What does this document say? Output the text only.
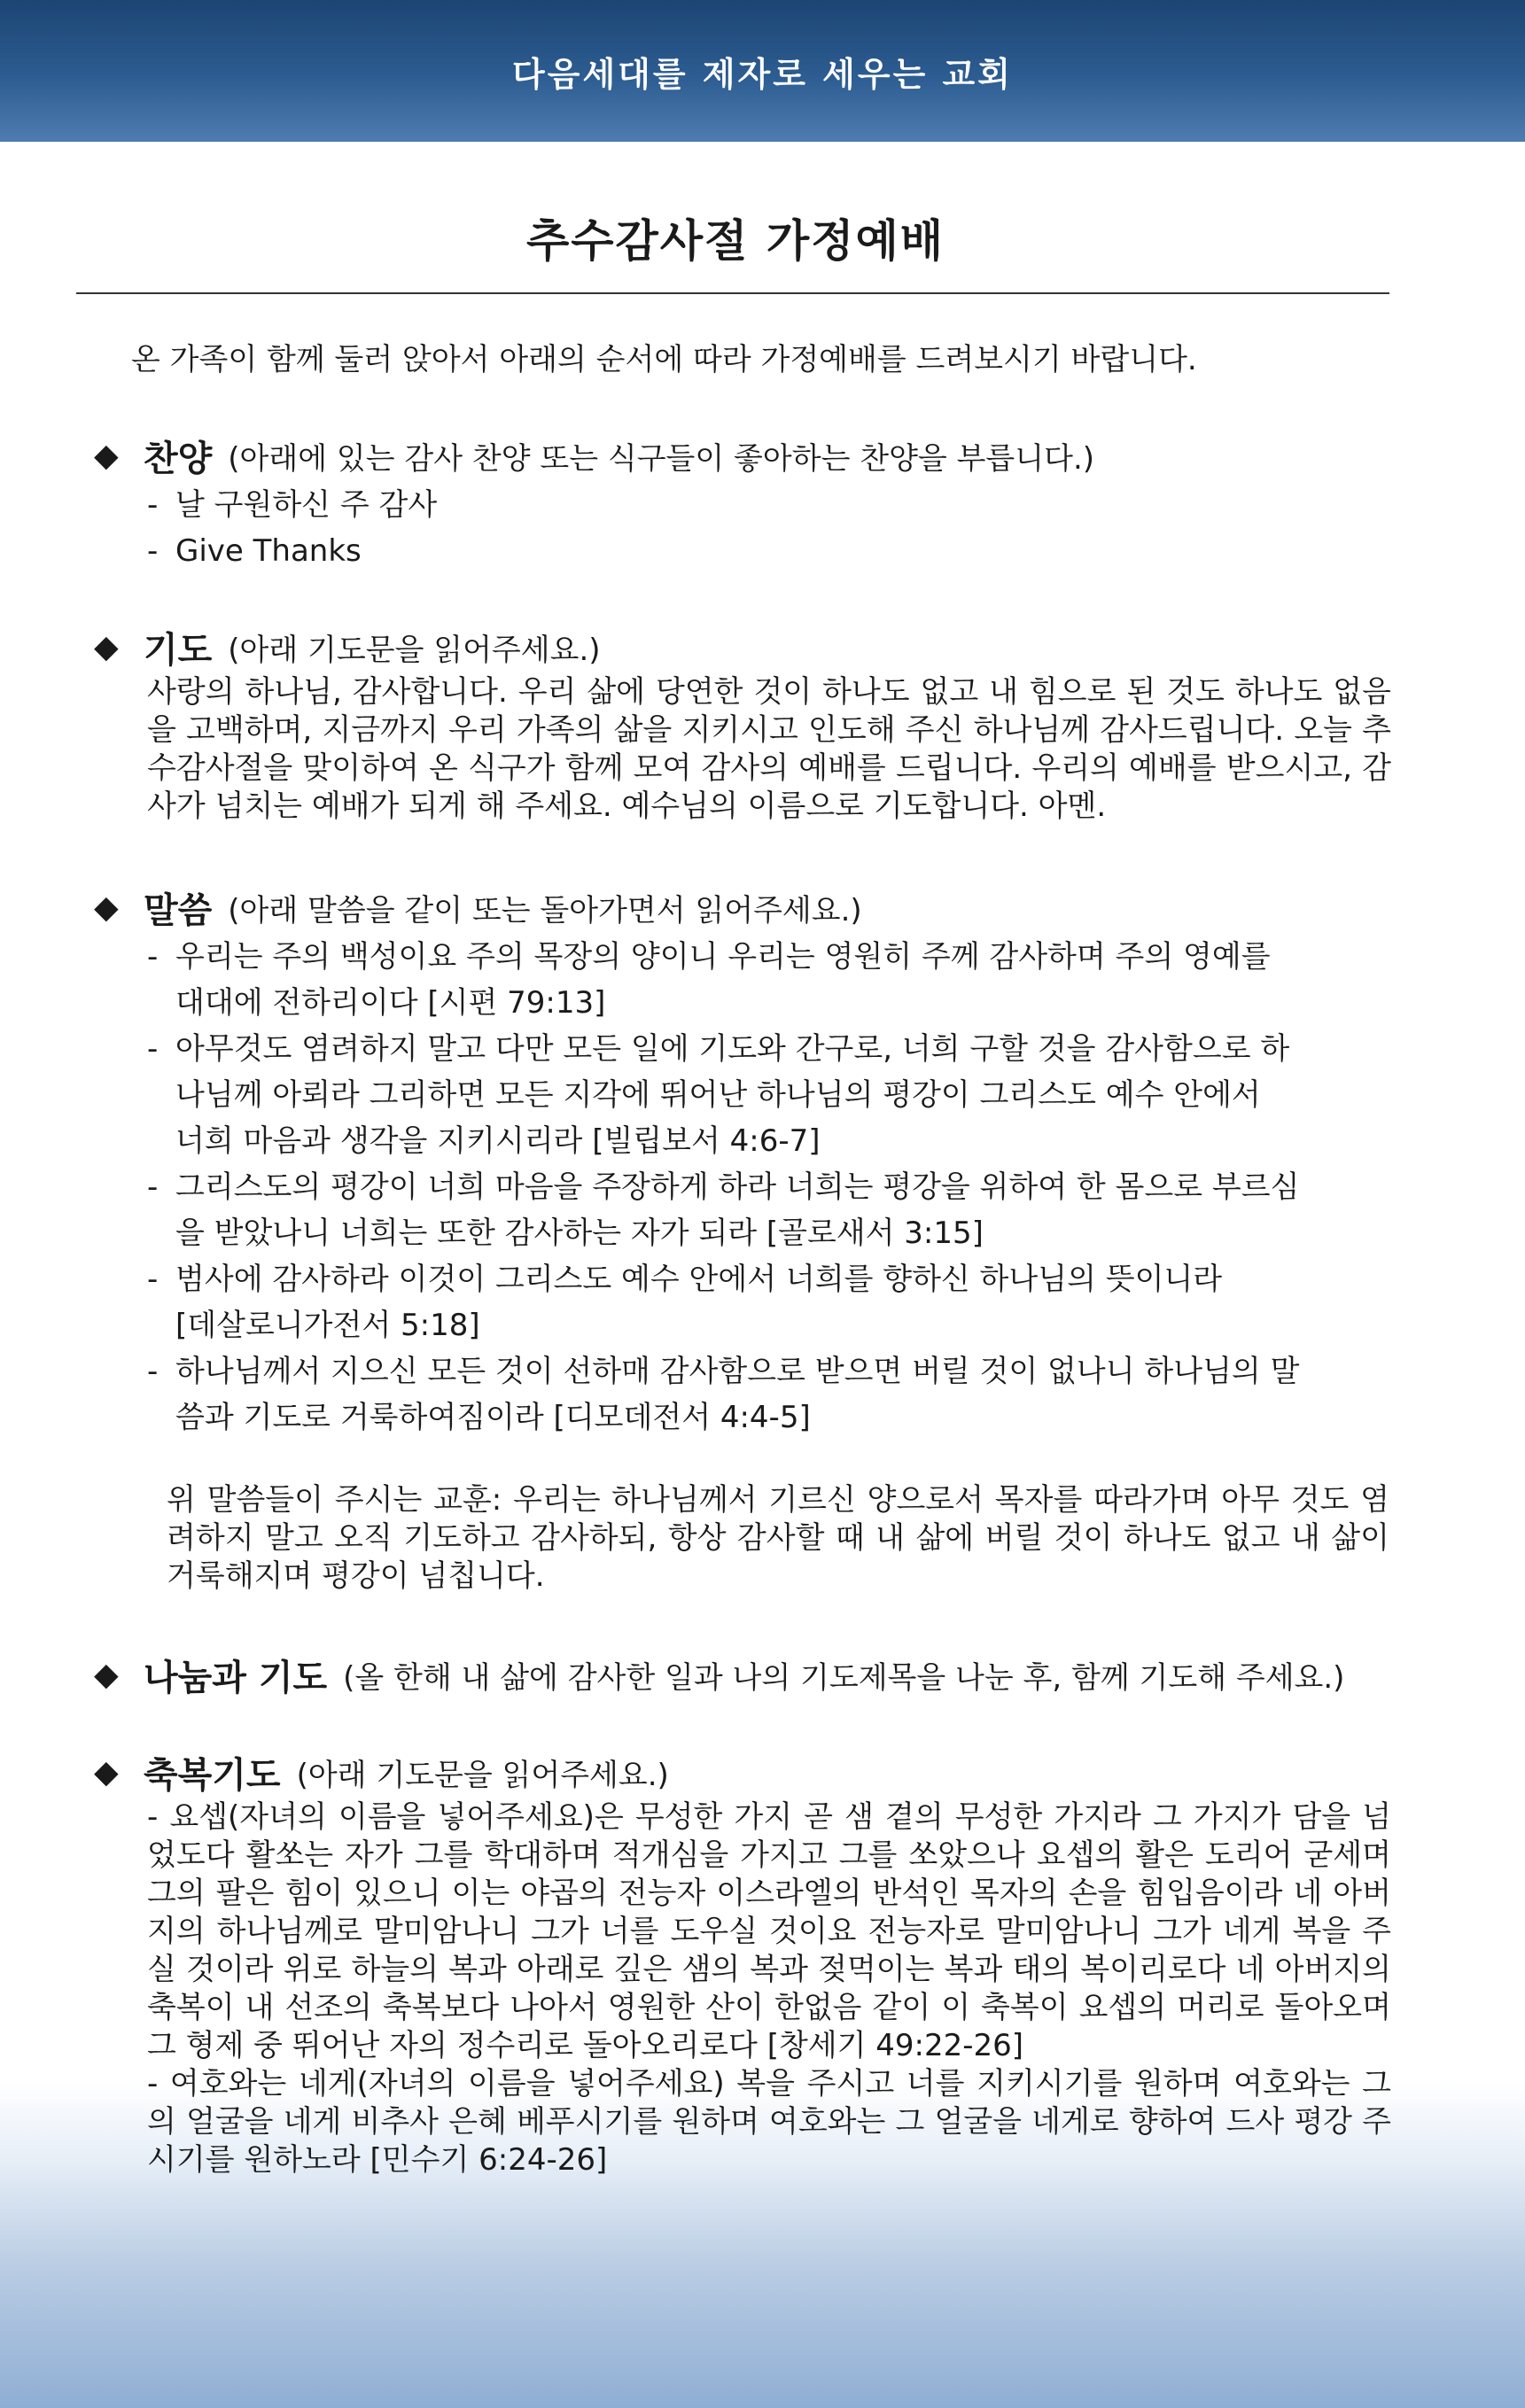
다음세대를 제자로 세우는 교회
추수감사절 가정예배
온 가족이 함께 둘러 앉아서 아래의 순서에 따라 가정예배를 드려보시기 바랍니다.
◆ 찬양 (아래에 있는 감사 찬양 또는 식구들이 좋아하는 찬양을 부릅니다.)
- 날 구원하신 주 감사
- Give Thanks
◆ 기도 (아래 기도문을 읽어주세요.)
사랑의 하나님, 감사합니다. 우리 삶에 당연한 것이 하나도 없고 내 힘으로 된 것도 하나도 없음을 고백하며, 지금까지 우리 가족의 삶을 지키시고 인도해 주신 하나님께 감사드립니다. 오늘 추수감사절을 맞이하여 온 식구가 함께 모여 감사의 예배를 드립니다. 우리의 예배를 받으시고, 감사가 넘치는 예배가 되게 해 주세요. 예수님의 이름으로 기도합니다. 아멘.
◆ 말씀 (아래 말씀을 같이 또는 돌아가면서 읽어주세요.)
- 우리는 주의 백성이요 주의 목장의 양이니 우리는 영원히 주께 감사하며 주의 영예를
대대에 전하리이다 [시편 79:13]
- 아무것도 염려하지 말고 다만 모든 일에 기도와 간구로, 너희 구할 것을 감사함으로 하
나님께 아뢰라 그리하면 모든 지각에 뛰어난 하나님의 평강이 그리스도 예수 안에서
너희 마음과 생각을 지키시리라 [빌립보서 4:6-7]
- 그리스도의 평강이 너희 마음을 주장하게 하라 너희는 평강을 위하여 한 몸으로 부르심
을 받았나니 너희는 또한 감사하는 자가 되라 [골로새서 3:15]
- 범사에 감사하라 이것이 그리스도 예수 안에서 너희를 향하신 하나님의 뜻이니라
[데살로니가전서 5:18]
- 하나님께서 지으신 모든 것이 선하매 감사함으로 받으면 버릴 것이 없나니 하나님의 말
씀과 기도로 거룩하여짐이라 [디모데전서 4:4-5]
위 말씀들이 주시는 교훈: 우리는 하나님께서 기르신 양으로서 목자를 따라가며 아무 것도 염려하지 말고 오직 기도하고 감사하되, 항상 감사할 때 내 삶에 버릴 것이 하나도 없고 내 삶이 거룩해지며 평강이 넘칩니다.
◆ 나눔과 기도 (올 한해 내 삶에 감사한 일과 나의 기도제목을 나눈 후, 함께 기도해 주세요.)
◆ 축복기도 (아래 기도문을 읽어주세요.)
- 요셉(자녀의 이름을 넣어주세요)은 무성한 가지 곧 샘 곁의 무성한 가지라 그 가지가 담을 넘었도다 활쏘는 자가 그를 학대하며 적개심을 가지고 그를 쏘았으나 요셉의 활은 도리어 굳세며 그의 팔은 힘이 있으니 이는 야곱의 전능자 이스라엘의 반석인 목자의 손을 힘입음이라 네 아버지의 하나님께로 말미암나니 그가 너를 도우실 것이요 전능자로 말미암나니 그가 네게 복을 주실 것이라 위로 하늘의 복과 아래로 깊은 샘의 복과 젖먹이는 복과 태의 복이리로다 네 아버지의 축복이 내 선조의 축복보다 나아서 영원한 산이 한없음 같이 이 축복이 요셉의 머리로 돌아오며 그 형제 중 뛰어난 자의 정수리로 돌아오리로다 [창세기 49:22-26]
- 여호와는 네게(자녀의 이름을 넣어주세요) 복을 주시고 너를 지키시기를 원하며 여호와는 그의 얼굴을 네게 비추사 은혜 베푸시기를 원하며 여호와는 그 얼굴을 네게로 향하여 드사 평강 주시기를 원하노라 [민수기 6:24-26]
